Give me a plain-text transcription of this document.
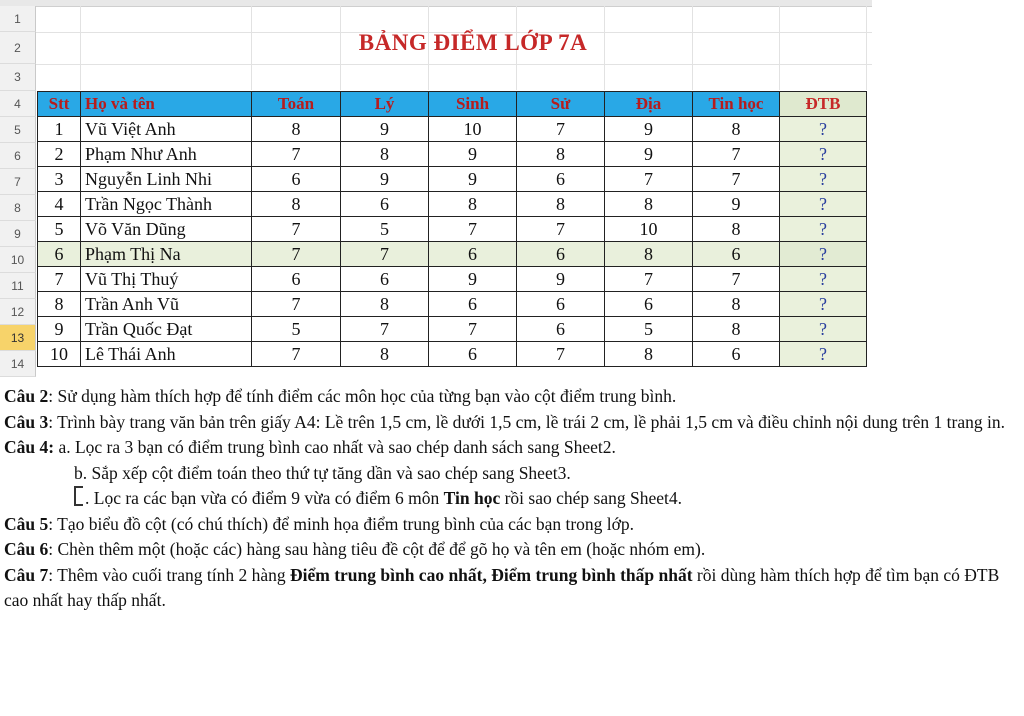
1
2
3
4
5
6
7
8
9
10
11
12
13
14
BẢNG ĐIỂM LỚP 7A
Stt	Họ và tên	Toán	Lý	Sinh	Sử	Địa	Tin học	ĐTB
1	Vũ Việt Anh	8	9	10	7	9	8	?
2	Phạm Như Anh	7	8	9	8	9	7	?
3	Nguyễn Linh Nhi	6	9	9	6	7	7	?
4	Trần Ngọc Thành	8	6	8	8	8	9	?
5	Võ Văn Dũng	7	5	7	7	10	8	?
6	Phạm Thị Na	7	7	6	6	8	6	?
7	Vũ Thị Thuý	6	6	9	9	7	7	?
8	Trần Anh Vũ	7	8	6	6	6	8	?
9	Trần Quốc Đạt	5	7	7	6	5	8	?
10	Lê Thái Anh	7	8	6	7	8	6	?

Câu 2: Sử dụng hàm thích hợp để tính điểm các môn học của từng bạn vào cột điểm trung bình.

Câu 3: Trình bày trang văn bản trên giấy A4: Lề trên 1,5 cm, lề dưới 1,5 cm, lề trái 2 cm, lề phải 1,5 cm và điều chỉnh nội dung trên 1 trang in.

Câu 4: a. Lọc ra 3 bạn có điểm trung bình cao nhất và sao chép danh sách sang Sheet2.

b. Sắp xếp cột điểm toán theo thứ tự tăng dần và sao chép sang Sheet3.

. Lọc ra các bạn vừa có điểm 9 vừa có điểm 6 môn Tin học rồi sao chép sang Sheet4.

Câu 5: Tạo biểu đồ cột (có chú thích) để minh họa điểm trung bình của các bạn trong lớp.

Câu 6: Chèn thêm một (hoặc các) hàng sau hàng tiêu đề cột để để gõ họ và tên em (hoặc nhóm em).

Câu 7: Thêm vào cuối trang tính 2 hàng Điểm trung bình cao nhất, Điểm trung bình thấp nhất rồi dùng hàm thích hợp để tìm bạn có ĐTB cao nhất hay thấp nhất.
